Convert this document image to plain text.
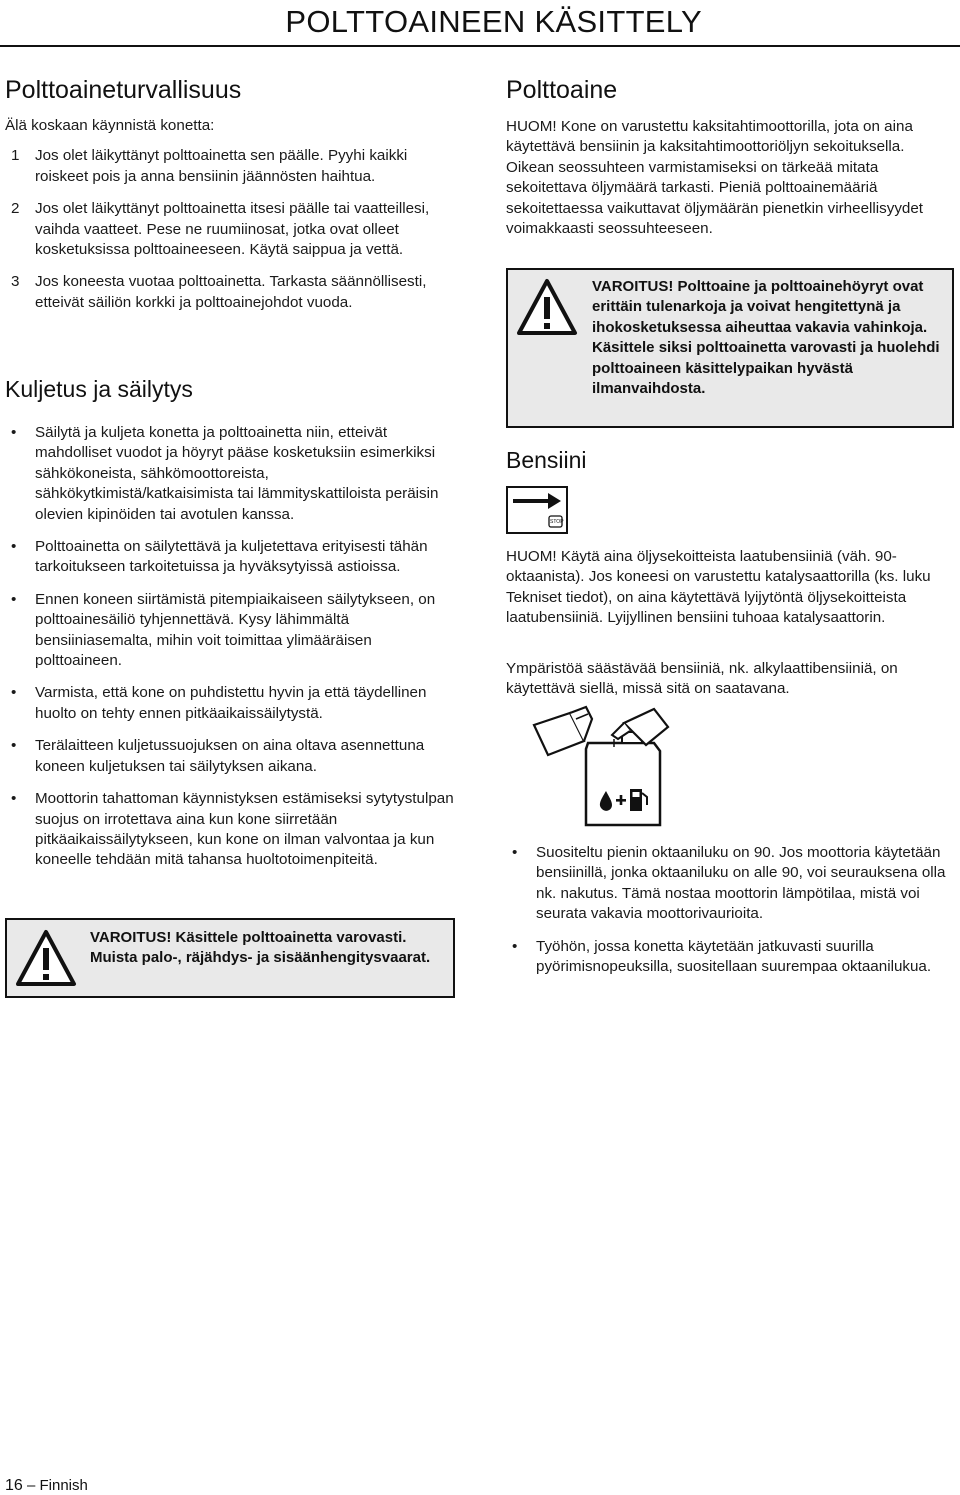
POLTTOAINEEN KÄSITTELY
Polttoaineturvallisuus
Älä koskaan käynnistä konetta:
1 Jos olet läikyttänyt polttoainetta sen päälle. Pyyhi kaikki roiskeet pois ja anna bensiinin jäännösten haihtua.
2 Jos olet läikyttänyt polttoainetta itsesi päälle tai vaatteillesi, vaihda vaatteet. Pese ne ruumiinosat, jotka ovat olleet kosketuksissa polttoaineeseen. Käytä saippua ja vettä.
3 Jos koneesta vuotaa polttoainetta. Tarkasta säännöllisesti, etteivät säiliön korkki ja polttoainejohdot vuoda.
Kuljetus ja säilytys
• Säilytä ja kuljeta konetta ja polttoainetta niin, etteivät mahdolliset vuodot ja höyryt pääse kosketuksiin esimerkiksi sähkökoneista, sähkömoottoreista, sähkökytkimistä/katkaisimista tai lämmityskattiloista peräisin olevien kipinöiden tai avotulen kanssa.
• Polttoainetta on säilytettävä ja kuljetettava erityisesti tähän tarkoitukseen tarkoitetuissa ja hyväksytyissä astioissa.
• Ennen koneen siirtämistä pitempiaikaiseen säilytykseen, on polttoainesäiliö tyhjennettävä. Kysy lähimmältä bensiiniasemalta, mihin voit toimittaa ylimääräisen polttoaineen.
• Varmista, että kone on puhdistettu hyvin ja että täydellinen huolto on tehty ennen pitkäaikaissäilytystä.
• Terälaitteen kuljetussuojuksen on aina oltava asennettuna koneen kuljetuksen tai säilytyksen aikana.
• Moottorin tahattoman käynnistyksen estämiseksi sytytystulpan suojus on irrotettava aina kun kone siirretään pitkäaikaissäilytykseen, kun kone on ilman valvontaa ja kun koneelle tehdään mitä tahansa huoltotoimenpiteitä.
VAROITUS! Käsittele polttoainetta varovasti. Muista palo-, räjähdys- ja sisäänhengitysvaarat.
Polttoaine
HUOM! Kone on varustettu kaksitahtimoottorilla, jota on aina käytettävä bensiinin ja kaksitahtimoottoriöljyn sekoituksella. Oikean seossuhteen varmistamiseksi on tärkeää mitata sekoitettava öljymäärä tarkasti. Pieniä polttoainemääriä sekoitettaessa vaikuttavat öljymäärän pienetkin virheellisyydet voimakkaasti seossuhteeseen.
VAROITUS! Polttoaine ja polttoainehöyryt ovat erittäin tulenarkoja ja voivat hengitettynä ja ihokosketuksessa aiheuttaa vakavia vahinkoja. Käsittele siksi polttoainetta varovasti ja huolehdi polttoaineen käsittelypaikan hyvästä ilmanvaihdosta.
Bensiini
STOP
HUOM! Käytä aina öljysekoitteista laatubensiiniä (väh. 90-oktaanista). Jos koneesi on varustettu katalysaattorilla (ks. luku Tekniset tiedot), on aina käytettävä lyijytöntä öljysekoitteista laatubensiiniä. Lyijyllinen bensiini tuhoaa katalysaattorin.
Ympäristöä säästävää bensiiniä, nk. alkylaattibensiiniä, on käytettävä siellä, missä sitä on saatavana.
• Suositeltu pienin oktaaniluku on 90. Jos moottoria käytetään bensiinillä, jonka oktaaniluku on alle 90, voi seurauksena olla nk. nakutus. Tämä nostaa moottorin lämpötilaa, mistä voi seurata vakavia moottorivaurioita.
• Työhön, jossa konetta käytetään jatkuvasti suurilla pyörimisnopeuksilla, suositellaan suurempaa oktaanilukua.
16 – Finnish
